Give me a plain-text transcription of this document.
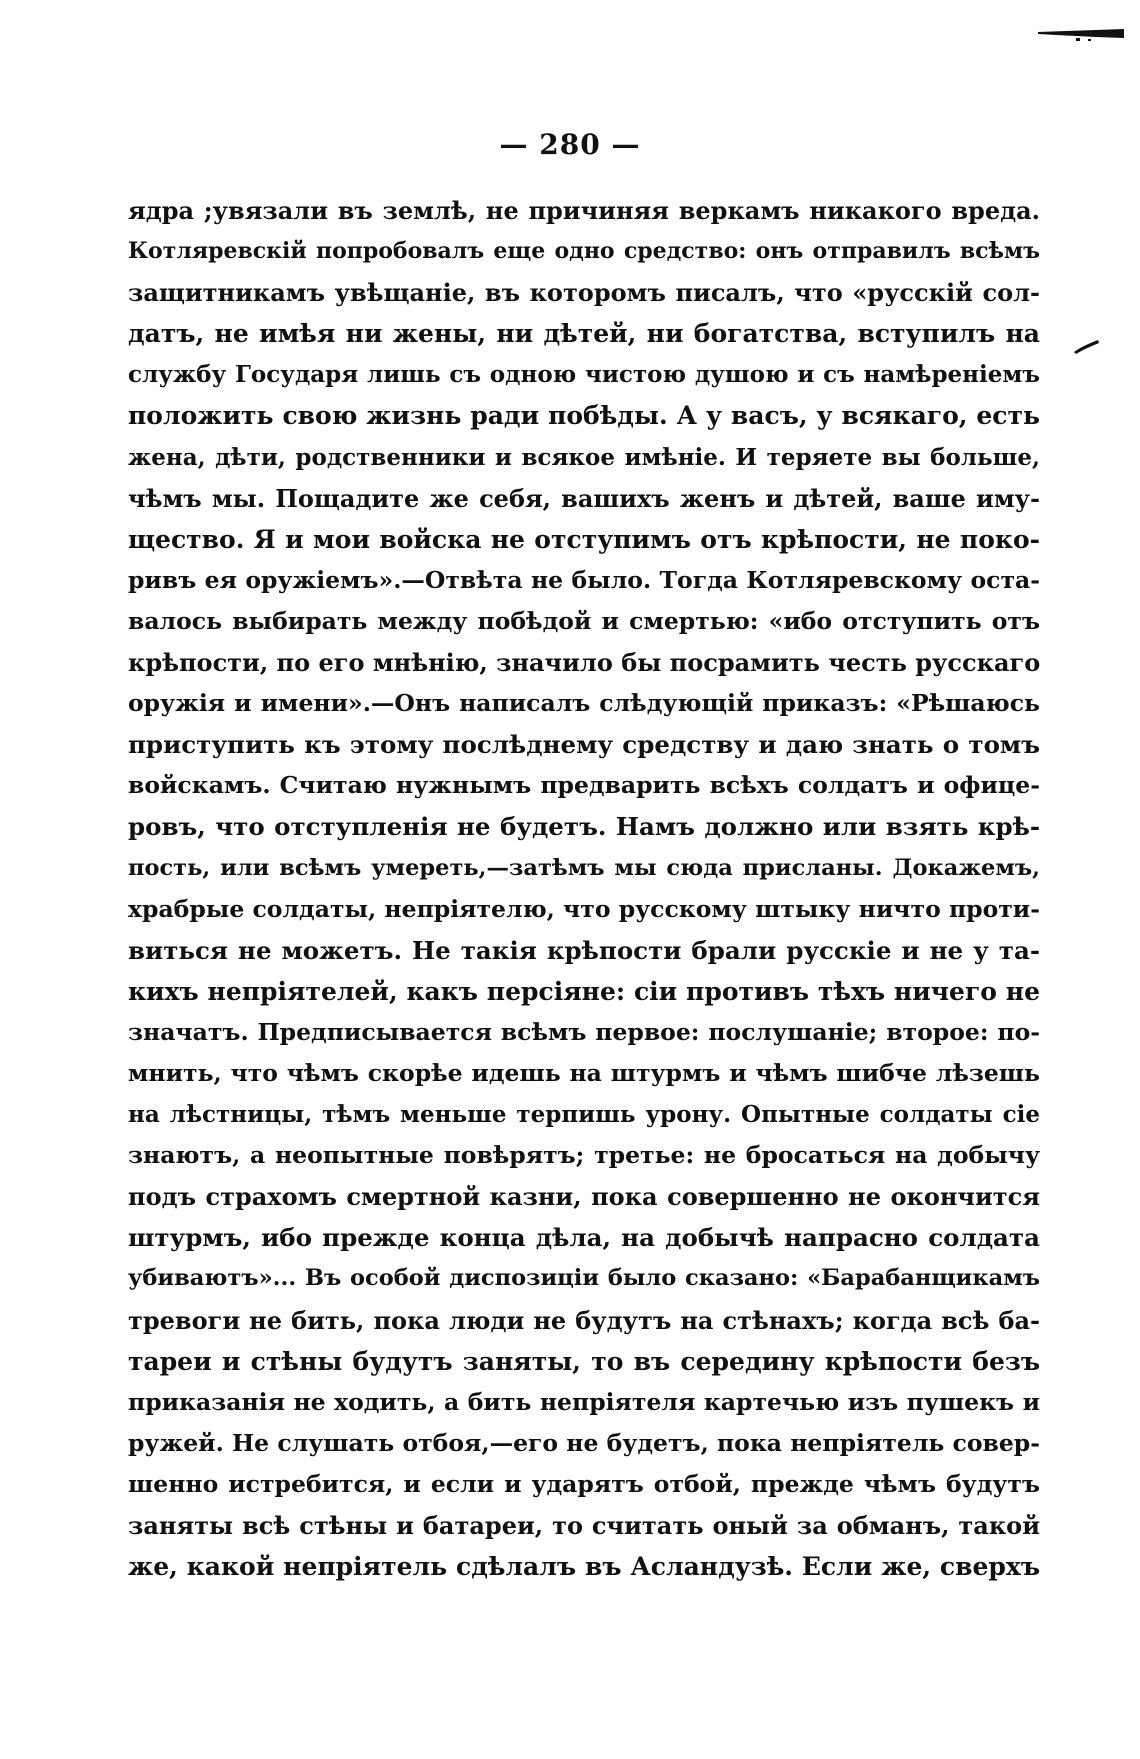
— 280 —
ядра ;увязали въ землѣ, не причиняя веркамъ никакого вреда.
Котляревскій попробовалъ еще одно средство: онъ отправилъ всѣмъ
защитникамъ увѣщаніе, въ которомъ писалъ, что «русскій сол-
датъ, не имѣя ни жены, ни дѣтей, ни богатства, вступилъ на
службу Государя лишь съ одною чистою душою и съ намѣреніемъ
положить свою жизнь ради побѣды. А у васъ, у всякаго, есть
жена, дѣти, родственники и всякое имѣніе. И теряете вы больше,
чѣмъ мы. Пощадите же себя, вашихъ женъ и дѣтей, ваше иму-
щество. Я и мои войска не отступимъ отъ крѣпости, не поко-
ривъ ея оружіемъ».—Отвѣта не было. Тогда Котляревскому оста-
валось выбирать между побѣдой и смертью: «ибо отступить отъ
крѣпости, по его мнѣнію, значило бы посрамить честь русскаго
оружія и имени».—Онъ написалъ слѣдующій приказъ: «Рѣшаюсь
приступить къ этому послѣднему средству и даю знать о томъ
войскамъ. Считаю нужнымъ предварить всѣхъ солдатъ и офице-
ровъ, что отступленія не будетъ. Намъ должно или взять крѣ-
пость, или всѣмъ умереть,—затѣмъ мы сюда присланы. Докажемъ,
храбрые солдаты, непріятелю, что русскому штыку ничто проти-
виться не можетъ. Не такія крѣпости брали русскіе и не у та-
кихъ непріятелей, какъ персіяне: сіи противъ тѣхъ ничего не
значатъ. Предписывается всѣмъ первое: послушаніе; второе: по-
мнить, что чѣмъ скорѣе идешь на штурмъ и чѣмъ шибче лѣзешь
на лѣстницы, тѣмъ меньше терпишь урону. Опытные солдаты сіе
знаютъ, а неопытные повѣрятъ; третье: не бросаться на добычу
подъ страхомъ смертной казни, пока совершенно не окончится
штурмъ, ибо прежде конца дѣла, на добычѣ напрасно солдата
убиваютъ»... Въ особой диспозиціи было сказано: «Барабанщикамъ
тревоги не бить, пока люди не будутъ на стѣнахъ; когда всѣ ба-
тареи и стѣны будутъ заняты, то въ середину крѣпости безъ
приказанія не ходить, а бить непріятеля картечью изъ пушекъ и
ружей. Не слушать отбоя,—его не будетъ, пока непріятель совер-
шенно истребится, и если и ударятъ отбой, прежде чѣмъ будутъ
заняты всѣ стѣны и батареи, то считать оный за обманъ, такой
же, какой непріятель сдѣлалъ въ Асландузѣ. Если же, сверхъ
